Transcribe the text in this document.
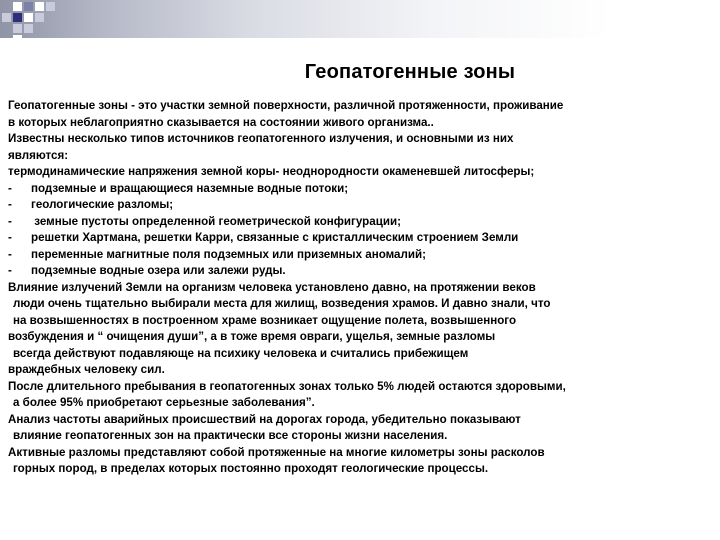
Геопатогенные зоны
Геопатогенные зоны - это участки земной поверхности, различной протяженности, проживание
в которых неблагоприятно сказывается на состоянии живого организма..
Известны несколько типов источников геопатогенного излучения, и основными из них
являются:
термодинамические напряжения земной коры- неоднородности окаменевшей литосферы;
- подземные и вращающиеся наземные водные потоки;
- геологические разломы;
- земные пустоты определенной геометрической конфигурации;
- решетки Хартмана, решетки Карри, связанные с кристаллическим строением Земли
- переменные магнитные поля подземных или приземных аномалий;
- подземные водные озера или залежи руды.
Влияние излучений Земли на организм человека установлено давно, на протяжении веков
люди очень тщательно выбирали места для жилищ, возведения храмов. И давно знали, что
на возвышенностях в построенном храме возникает ощущение полета, возвышенного
возбуждения и “ очищения души”, а в тоже время овраги, ущелья, земные разломы
всегда действуют подавляюще на психику человека и считались прибежищем
враждебных человеку сил.
После длительного пребывания в геопатогенных зонах только 5% людей остаются здоровыми,
а более 95% приобретают серьезные заболевания”.
Анализ частоты аварийных происшествий на дорогах города, убедительно показывают
влияние геопатогенных зон на практически все стороны жизни населения.
Активные разломы представляют собой протяженные на многие километры зоны расколов
горных пород, в пределах которых постоянно проходят геологические процессы.
